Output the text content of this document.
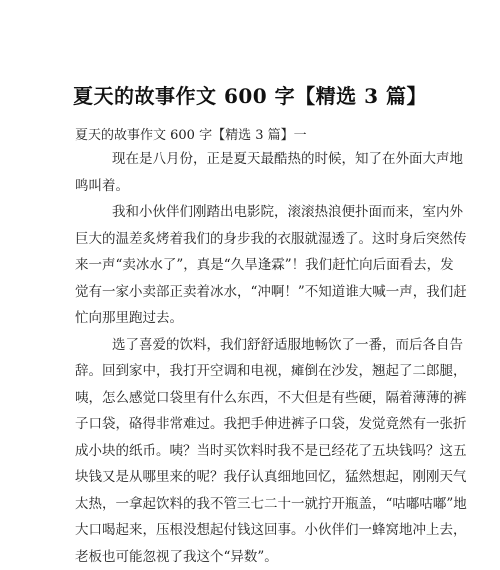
夏天的故事作文 600 字【精选 3 篇】
夏天的故事作文 600 字【精选 3 篇】一
现在是八月份，正是夏天最酷热的时候，知了在外面大声地
鸣叫着。
我和小伙伴们刚踏出电影院，滚滚热浪便扑面而来，室内外
巨大的温差炙烤着我们的身步我的衣服就湿透了。这时身后突然传
来一声“卖冰水了”，真是“久旱逢霖”！我们赶忙向后面看去，发
觉有一家小卖部正卖着冰水，“冲啊！”不知道谁大喊一声，我们赶
忙向那里跑过去。
选了喜爱的饮料，我们舒舒适服地畅饮了一番，而后各自告
辞。回到家中，我打开空调和电视，瘫倒在沙发，翘起了二郎腿，
咦，怎么感觉口袋里有什么东西，不大但是有些硬，隔着薄薄的裤
子口袋，硌得非常难过。我把手伸进裤子口袋，发觉竟然有一张折
成小块的纸币。咦？当时买饮料时我不是已经花了五块钱吗？这五
块钱又是从哪里来的呢？我仔认真细地回忆，猛然想起，刚刚天气
太热，一拿起饮料的我不管三七二十一就拧开瓶盖，“咕嘟咕嘟”地
大口喝起来，压根没想起付钱这回事。小伙伴们一蜂窝地冲上去，
老板也可能忽视了我这个“异数”。
